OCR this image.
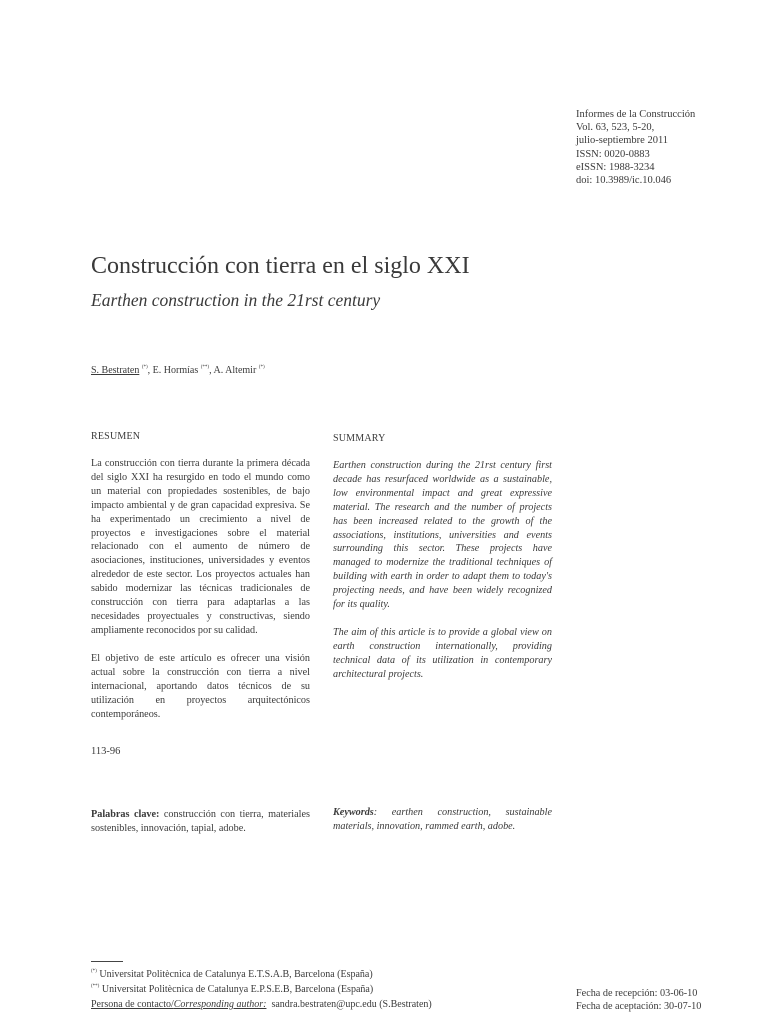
Informes de la Construcción
Vol. 63, 523, 5-20,
julio-septiembre 2011
ISSN: 0020-0883
eISSN: 1988-3234
doi: 10.3989/ic.10.046
Construcción con tierra en el siglo XXI
Earthen construction in the 21rst century
S. Bestraten (*), E. Hormías (**), A. Altemir (*)
RESUMEN	SUMMARY

La construcción con tierra durante la primera década del siglo XXI ha resurgido en todo el mundo como un material con propiedades sostenibles, de bajo impacto ambiental y de gran capacidad expresiva. Se ha experimentado un crecimiento a nivel de proyectos e investigaciones sobre el material relacionado con el aumento de número de asociaciones, instituciones, universidades y eventos alrededor de este sector. Los proyectos actuales han sabido modernizar las técnicas tradicionales de construcción con tierra para adaptarlas a las necesidades proyectuales y constructivas, siendo ampliamente reconocidos por su calidad.

El objetivo de este artículo es ofrecer una visión actual sobre la construcción con tierra a nivel internacional, aportando datos técnicos de su utilización en proyectos arquitectónicos contemporáneos.

Earthen construction during the 21rst century first decade has resurfaced worldwide as a sustainable, low environmental impact and great expressive material. The research and the number of projects has been increased related to the growth of the associations, institutions, universities and events surrounding this sector. These projects have managed to modernize the traditional techniques of building with earth in order to adapt them to today's projecting needs, and have been widely recognized for its quality.

The aim of this article is to provide a global view on earth construction internationally, providing technical data of its utilization in contemporary architectural projects.

113-96
Palabras clave: construcción con tierra, materiales sostenibles, innovación, tapial, adobe.
Keywords: earthen construction, sustainable materials, innovation, rammed earth, adobe.
(*) Universitat Politècnica de Catalunya E.T.S.A.B, Barcelona (España)
(**) Universitat Politècnica de Catalunya E.P.S.E.B, Barcelona (España)
Persona de contacto/Corresponding author:  sandra.bestraten@upc.edu (S.Bestraten)
Fecha de recepción: 03-06-10
Fecha de aceptación: 30-07-10
